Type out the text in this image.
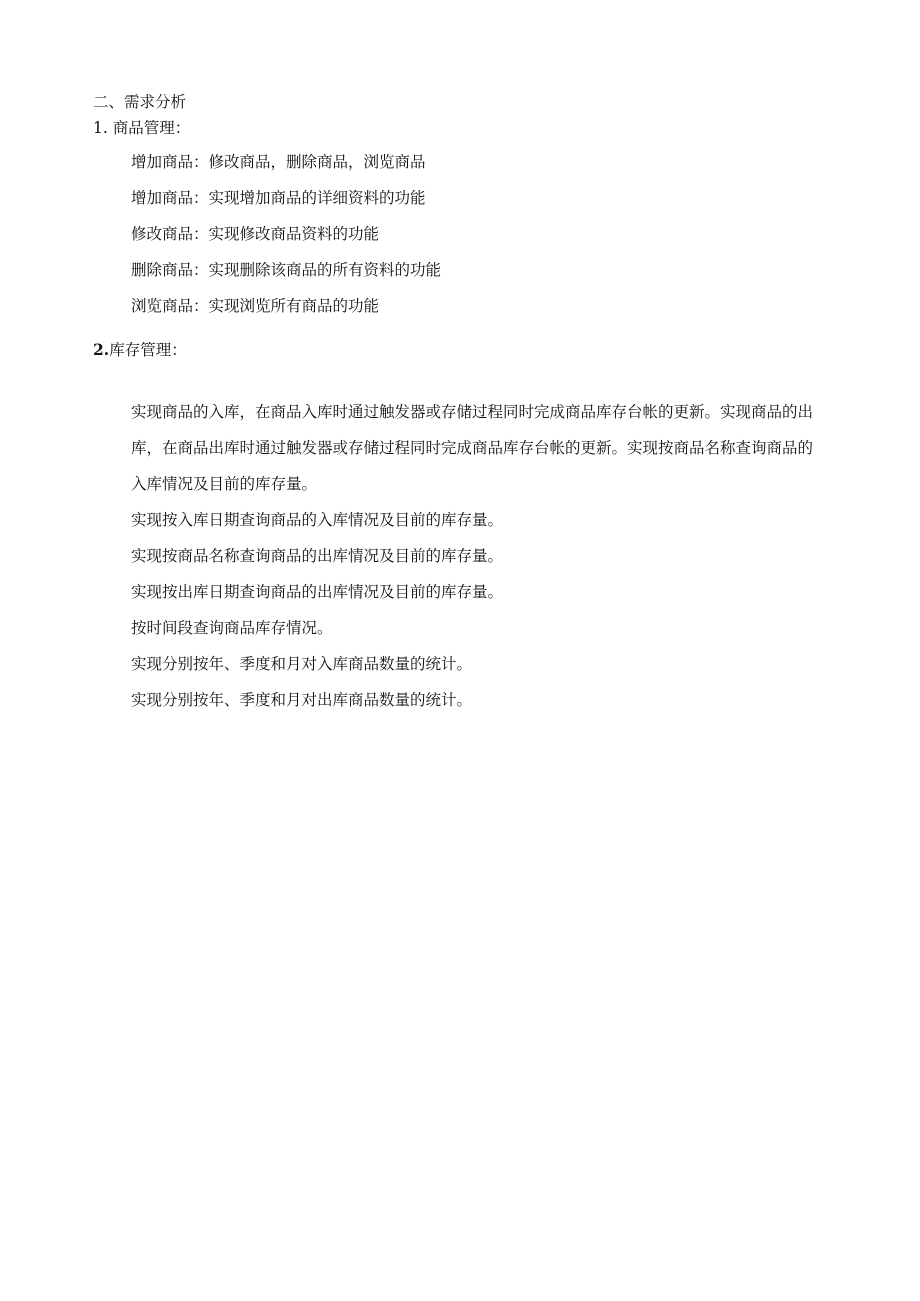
二、需求分析
1. 商品管理：
增加商品：修改商品，删除商品，浏览商品
增加商品：实现增加商品的详细资料的功能
修改商品：实现修改商品资料的功能
删除商品：实现删除该商品的所有资料的功能
浏览商品：实现浏览所有商品的功能
2.库存管理：
实现商品的入库，在商品入库时通过触发器或存储过程同时完成商品库存台帐的更新。实现商品的出库，在商品出库时通过触发器或存储过程同时完成商品库存台帐的更新。实现按商品名称查询商品的入库情况及目前的库存量。
实现按入库日期查询商品的入库情况及目前的库存量。
实现按商品名称查询商品的出库情况及目前的库存量。
实现按出库日期查询商品的出库情况及目前的库存量。
按时间段查询商品库存情况。
实现分别按年、季度和月对入库商品数量的统计。
实现分别按年、季度和月对出库商品数量的统计。
